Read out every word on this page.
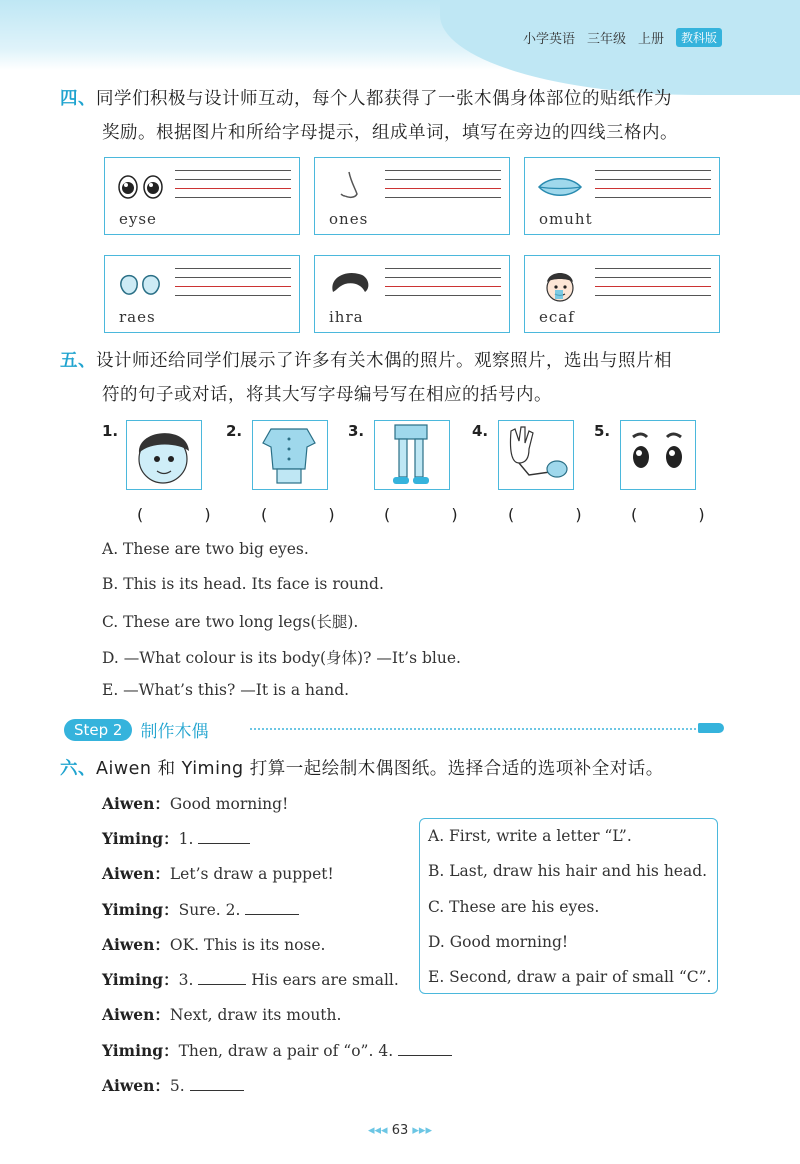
小学英语 三年级 上册	教科版
四、同学们积极与设计师互动，每个人都获得了一张木偶身体部位的贴纸作为
奖励。根据图片和所给字母提示，组成单词，填写在旁边的四线三格内。
eyse	ones	omuht
raes	ihra	ecaf
五、设计师还给同学们展示了许多有关木偶的照片。观察照片，选出与照片相
符的句子或对话，将其大写字母编号写在相应的括号内。
1.	2.	3.	4.	5.
( ) ( ) ( ) ( ) ( )
A. These are two big eyes.
B. This is its head. Its face is round.
C. These are two long legs(长腿).
D. —What colour is its body(身体)? —It’s blue.
E. —What’s this? —It is a hand.
Step 2	制作木偶
六、Aiwen 和 Yiming 打算一起绘制木偶图纸。选择合适的选项补全对话。
Aiwen：Good morning!
Yiming：1.
Aiwen：Let’s draw a puppet!
Yiming：Sure. 2.
Aiwen：OK. This is its nose.
Yiming：3.	His ears are small.
Aiwen：Next, draw its mouth.
Yiming：Then, draw a pair of “o”. 4.
Aiwen：5.
A. First, write a letter “L”.
B. Last, draw his hair and his head.
C. These are his eyes.
D. Good morning!
E. Second, draw a pair of small “C”.
◂◂◂ 63 ▸▸▸
